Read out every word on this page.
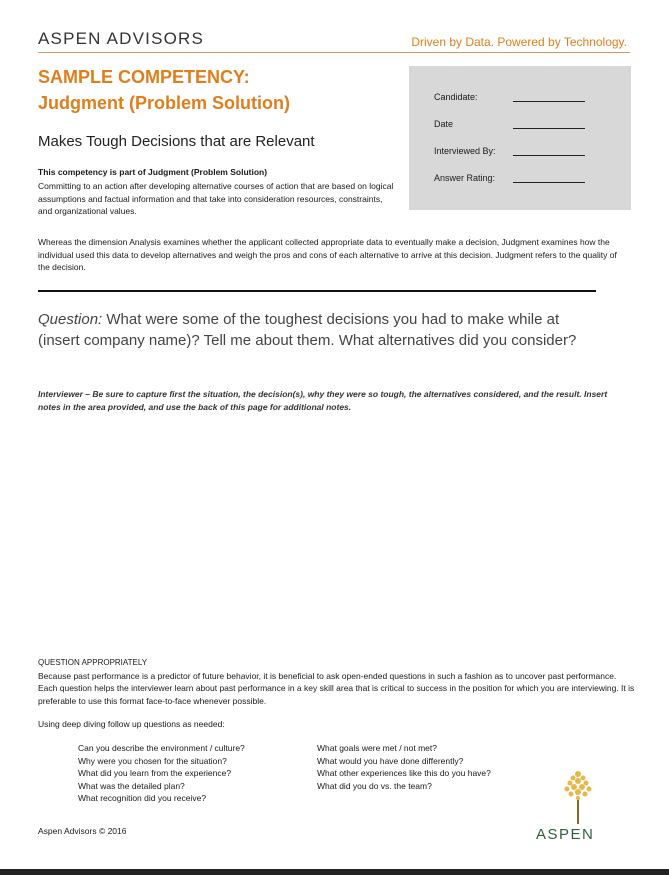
ASPEN ADVISORS	Driven by Data. Powered by Technology.
SAMPLE COMPETENCY:
Judgment (Problem Solution)
Makes Tough Decisions that are Relevant
This competency is part of Judgment (Problem Solution)
Committing to an action after developing alternative courses of action that are based on logical assumptions and factual information and that take into consideration resources, constraints, and organizational values.
Candidate:
Date
Interviewed By:
Answer Rating:
Whereas the dimension Analysis examines whether the applicant collected appropriate data to eventually make a decision, Judgment examines how the individual used this data to develop alternatives and weigh the pros and cons of each alternative to arrive at this decision. Judgment refers to the quality of the decision.
Question: What were some of the toughest decisions you had to make while at (insert company name)? Tell me about them. What alternatives did you consider?
Interviewer – Be sure to capture first the situation, the decision(s), why they were so tough, the alternatives considered, and the result. Insert notes in the area provided, and use the back of this page for additional notes.
QUESTION APPROPRIATELY
Because past performance is a predictor of future behavior, it is beneficial to ask open-ended questions in such a fashion as to uncover past performance. Each question helps the interviewer learn about past performance in a key skill area that is critical to success in the position for which you are interviewing. It is preferable to use this format face-to-face whenever possible.
Using deep diving follow up questions as needed:
Can you describe the environment / culture?
Why were you chosen for the situation?
What did you learn from the experience?
What was the detailed plan?
What recognition did you receive?
What goals were met / not met?
What would you have done differently?
What other experiences like this do you have?
What did you do vs. the team?
Aspen Advisors © 2016	ASPEN
